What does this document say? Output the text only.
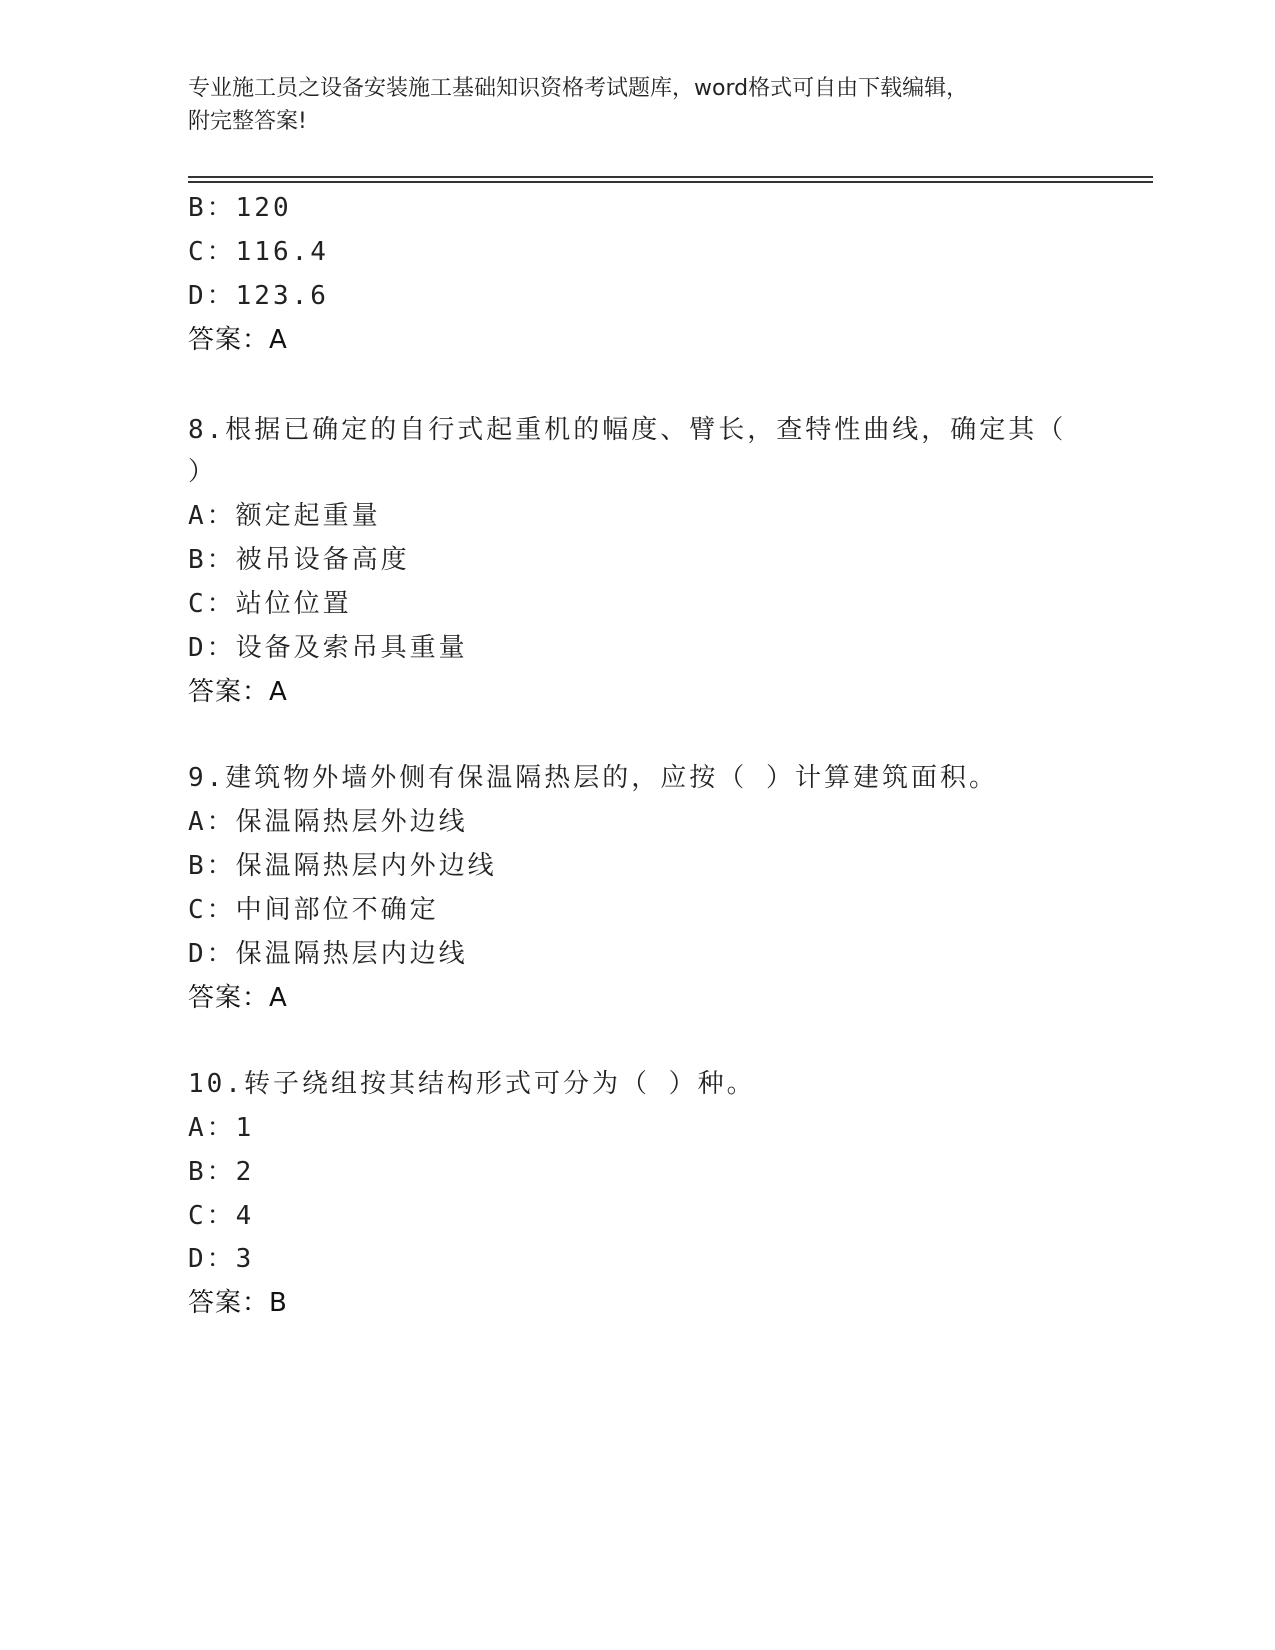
专业施工员之设备安装施工基础知识资格考试题库，word格式可自由下载编辑，
附完整答案!
B：120
C：116.4
D：123.6
答案：A
8.根据已确定的自行式起重机的幅度、臂长，查特性曲线，确定其（
）
A：额定起重量
B：被吊设备高度
C：站位位置
D：设备及索吊具重量
答案：A
9.建筑物外墙外侧有保温隔热层的，应按（ ）计算建筑面积。
A：保温隔热层外边线
B：保温隔热层内外边线
C：中间部位不确定
D：保温隔热层内边线
答案：A
10.转子绕组按其结构形式可分为（ ）种。
A：1
B：2
C：4
D：3
答案：B
